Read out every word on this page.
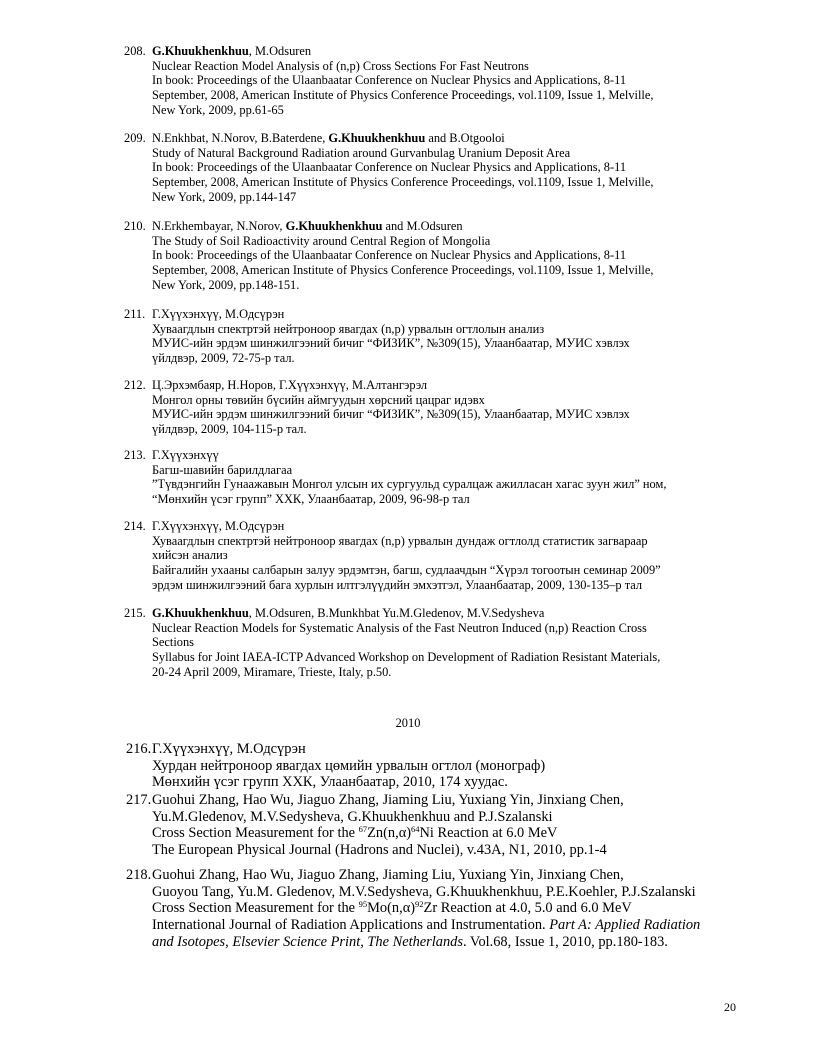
208. G.Khuukhenkhuu, M.Odsuren
Nuclear Reaction Model Analysis of (n,p) Cross Sections For Fast Neutrons
In book: Proceedings of the Ulaanbaatar Conference on Nuclear Physics and Applications, 8-11
September, 2008, American Institute of Physics Conference Proceedings, vol.1109, Issue 1, Melville,
New York, 2009, pp.61-65
209. N.Enkhbat, N.Norov, B.Baterdene, G.Khuukhenkhuu and B.Otgooloi
Study of Natural Background Radiation around Gurvanbulag Uranium Deposit Area
In book: Proceedings of the Ulaanbaatar Conference on Nuclear Physics and Applications, 8-11
September, 2008, American Institute of Physics Conference Proceedings, vol.1109, Issue 1, Melville,
New York, 2009, pp.144-147
210. N.Erkhembayar, N.Norov, G.Khuukhenkhuu and M.Odsuren
The Study of Soil Radioactivity around Central Region of Mongolia
In book: Proceedings of the Ulaanbaatar Conference on Nuclear Physics and Applications, 8-11
September, 2008, American Institute of Physics Conference Proceedings, vol.1109, Issue 1, Melville,
New York, 2009, pp.148-151.
211. Г.Хүүхэнхүү, М.Одсүрэн
Хуваагдлын спектртэй нейтроноор явагдах (n,p) урвалын огтлолын анализ
МУИС-ийн эрдэм шинжилгээний бичиг “ФИЗИК”, №309(15), Улаанбаатар, МУИС хэвлэх
үйлдвэр, 2009, 72-75-р тал.
212. Ц.Эрхэмбаяр, Н.Норов, Г.Хүүхэнхүү, М.Алтангэрэл
Монгол орны төвийн бүсийн аймгуудын хөрсний цацраг идэвх
МУИС-ийн эрдэм шинжилгээний бичиг “ФИЗИК”, №309(15), Улаанбаатар, МУИС хэвлэх
үйлдвэр, 2009, 104-115-р тал.
213. Г.Хүүхэнхүү
Багш-шавийн барилдлагаа
”Түвдэнгийн Гунаажавын Монгол улсын их сургуульд суралцаж ажилласан хагас зуун жил” ном,
“Мөнхийн үсэг групп” ХХК, Улаанбаатар, 2009, 96-98-р тал
214. Г.Хүүхэнхүү, М.Одсүрэн
Хуваагдлын спектртэй нейтроноор явагдах (n,p) урвалын дундаж огтлолд статистик загвараар
хийсэн анализ
Байгалийн ухааны салбарын залуу эрдэмтэн, багш, судлаачдын “Хүрэл тогоотын семинар 2009”
эрдэм шинжилгээний бага хурлын илтгэлүүдийн эмхэтгэл, Улаанбаатар, 2009, 130-135–р тал
215. G.Khuukhenkhuu, M.Odsuren, B.Munkhbat Yu.M.Gledenov, M.V.Sedysheva
Nuclear Reaction Models for Systematic Analysis of the Fast Neutron Induced (n,p) Reaction Cross
Sections
Syllabus for Joint IAEA-ICTP Advanced Workshop on Development of Radiation Resistant Materials,
20-24 April 2009, Miramare, Trieste, Italy, p.50.
2010
216. Г.Хүүхэнхүү, М.Одсүрэн
Хурдан нейтроноор явагдах цөмийн урвалын огтлол (монограф)
Мөнхийн үсэг групп ХХК, Улаанбаатар, 2010, 174 хуудас.
217. Guohui Zhang, Hao Wu, Jiaguo Zhang, Jiaming Liu, Yuxiang Yin, Jinxiang Chen,
Yu.M.Gledenov, M.V.Sedysheva, G.Khuukhenkhuu and P.J.Szalanski
Cross Section Measurement for the $^{67}Zn(n,\alpha)^{64}Ni$ Reaction at 6.0 MeV
The European Physical Journal (Hadrons and Nuclei), v.43A, N1, 2010, pp.1-4
218. Guohui Zhang, Hao Wu, Jiaguo Zhang, Jiaming Liu, Yuxiang Yin, Jinxiang Chen,
Guoyou Tang, Yu.M. Gledenov, M.V.Sedysheva, G.Khuukhenkhuu, P.E.Koehler, P.J.Szalanski
Cross Section Measurement for the $^{95}Mo(n,\alpha)^{92}Zr$ Reaction at 4.0, 5.0 and 6.0 MeV
International Journal of Radiation Applications and Instrumentation. Part A: Applied Radiation
and Isotopes, Elsevier Science Print, The Netherlands. Vol.68, Issue 1, 2010, pp.180-183.
20
